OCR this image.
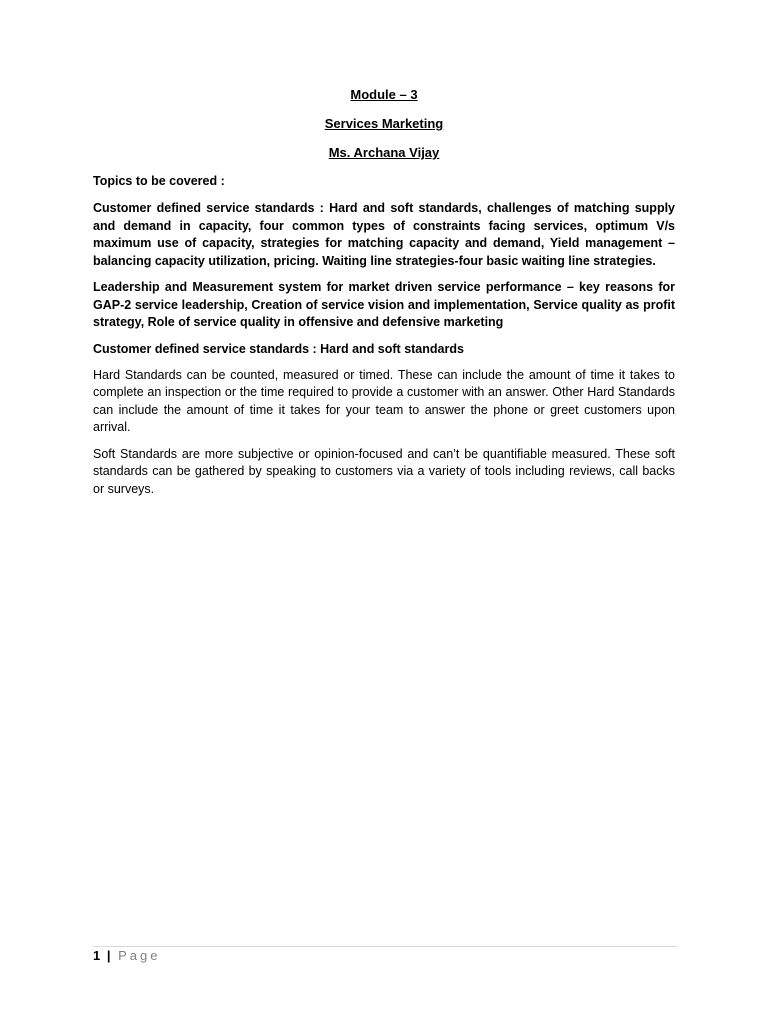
Module – 3
Services Marketing
Ms. Archana Vijay
Topics to be covered :

Customer defined service standards : Hard and soft standards, challenges of matching supply and demand in capacity, four common types of constraints facing services, optimum V/s maximum use of capacity, strategies for matching capacity and demand, Yield management – balancing capacity utilization, pricing. Waiting line strategies-four basic waiting line strategies.

Leadership and Measurement system for market driven service performance – key reasons for GAP-2 service leadership, Creation of service vision and implementation, Service quality as profit strategy, Role of service quality in offensive and defensive marketing

Customer defined service standards : Hard and soft standards

Hard Standards can be counted, measured or timed. These can include the amount of time it takes to complete an inspection or the time required to provide a customer with an answer. Other Hard Standards can include the amount of time it takes for your team to answer the phone or greet customers upon arrival.

Soft Standards are more subjective or opinion-focused and can’t be quantifiable measured. These soft standards can be gathered by speaking to customers via a variety of tools including reviews, call backs or surveys.

1 | Page
